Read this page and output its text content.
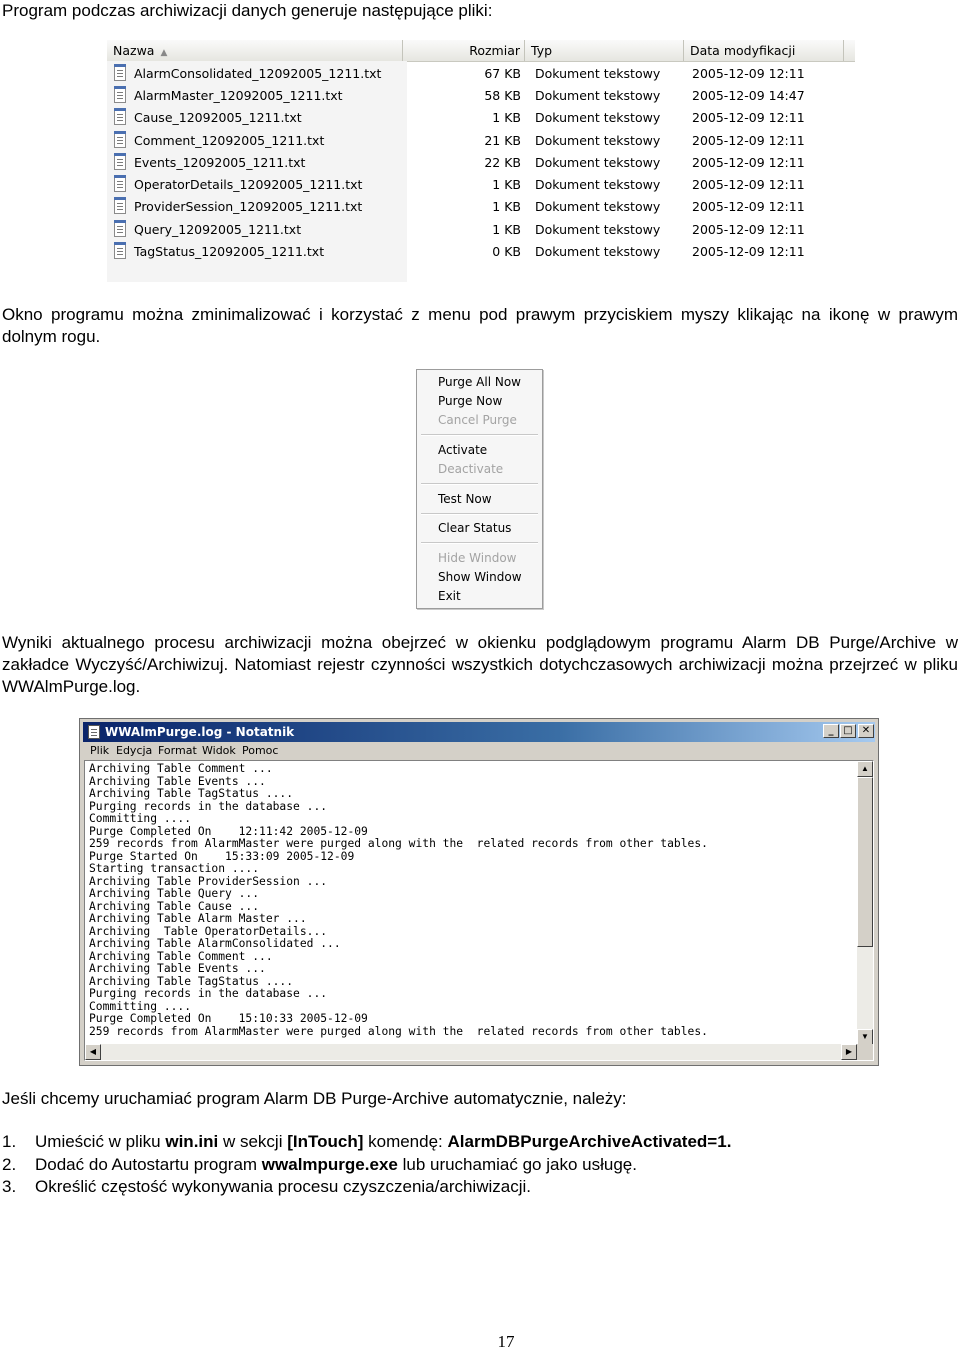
Program podczas archiwizacji danych generuje następujące pliki:
Nazwa ▲	Rozmiar Typ	Data modyfikacji
AlarmConsolidated_12092005_1211.txt	67 KB Dokument tekstowy	2005-12-09 12:11
AlarmMaster_12092005_1211.txt	58 KB Dokument tekstowy	2005-12-09 14:47
Cause_12092005_1211.txt	1 KB Dokument tekstowy	2005-12-09 12:11
Comment_12092005_1211.txt	21 KB Dokument tekstowy	2005-12-09 12:11
Events_12092005_1211.txt	22 KB Dokument tekstowy	2005-12-09 12:11
OperatorDetails_12092005_1211.txt	1 KB Dokument tekstowy	2005-12-09 12:11
ProviderSession_12092005_1211.txt	1 KB Dokument tekstowy	2005-12-09 12:11
Query_12092005_1211.txt	1 KB Dokument tekstowy	2005-12-09 12:11
TagStatus_12092005_1211.txt	0 KB Dokument tekstowy	2005-12-09 12:11
Okno programu można zminimalizować i korzystać z menu pod prawym przyciskiem myszy klikając na ikonę w prawym dolnym rogu.
Purge All Now
Purge Now
Cancel Purge
Activate
Deactivate
Test Now
Clear Status
Hide Window
Show Window
Exit
Wyniki aktualnego procesu archiwizacji można obejrzeć w okienku podglądowym programu Alarm DB Purge/Archive w zakładce Wyczyść/Archiwizuj. Natomiast rejestr czynności wszystkich dotychczasowych archiwizacji można przejrzeć w pliku WWAlmPurge.log.
WWAlmPurge.log - Notatnik	_ □ ✕
Plik Edycja Format Widok Pomoc
Archiving Table Comment ...
Archiving Table Events ...
Archiving Table TagStatus ....
Purging records in the database ...
Committing ....
Purge Completed On    12:11:42 2005-12-09
259 records from AlarmMaster were purged along with the  related records from other tables.
Purge Started On    15:33:09 2005-12-09
Starting transaction ....
Archiving Table ProviderSession ...
Archiving Table Query ...
Archiving Table Cause ...
Archiving Table Alarm Master ...
Archiving  Table OperatorDetails...
Archiving Table AlarmConsolidated ...
Archiving Table Comment ...
Archiving Table Events ...
Archiving Table TagStatus ....
Purging records in the database ...
Committing ....
Purge Completed On    15:10:33 2005-12-09
259 records from AlarmMaster were purged along with the  related records from other tables.
▲
▼
◀	▶
Jeśli chcemy uruchamiać program Alarm DB Purge-Archive automatycznie, należy:
1. Umieścić w pliku win.ini w sekcji [InTouch] komendę: AlarmDBPurgeArchiveActivated=1.
2. Dodać do Autostartu program wwalmpurge.exe lub uruchamiać go jako usługę.
3. Określić częstość wykonywania procesu czyszczenia/archiwizacji.
17
